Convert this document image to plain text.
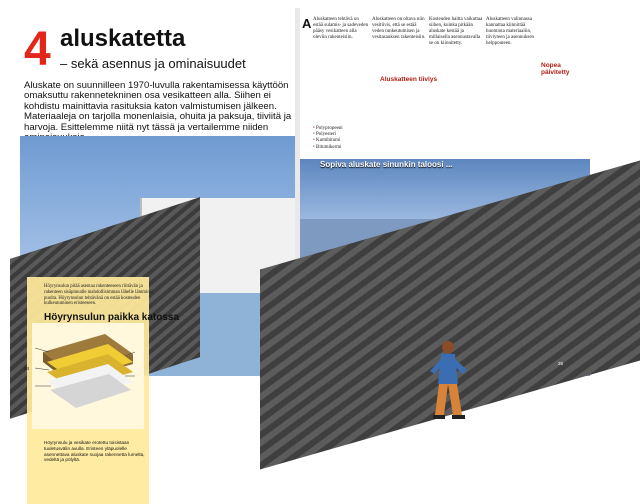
4 aluskatetta
– sekä asennus ja ominaisuudet
Aluskate on suunnilleen 1970-luvulla rakentamisessa käyttöön omaksuttu rakennetekninen osa vesikatteen alla. Siihen ei kohdistu mainittavia rasituksia katon valmistumisen jälkeen. Materiaaleja on tarjolla monenlaisia, ohuita ja paksuja, tiiviitä ja harvoja. Esittelemme niitä nyt tässä ja vertailemme niiden
Höyrynsulun pitää asentaa rakenteeseen riittävän ja rakenteen sisäpinnalle mahdollisimman lähelle lämmintä puolta. Höyrynsulun tehtävänä on estää kosteuden kulkeutuminen eristeeseen.
Höyrynsulun paikka katossa
Höyrynsulu ja vesikate erotettu toisistaan tuuletusvälin avulla. Eristeen yläpuolelle asennettava aluskate suojaa rakennetta lumelta, vedeltä ja pölyltä.
24
A Aluskatteen tehtävä on estää sulamis- ja sadeveden pääsy vesikatteen alla oleviin rakenteisiin.
Aluskatteen on oltava niin vesitiivis, että se estää veden tunkeutumisen ja vesitasauksen rakenteisiin.
Kosteuden haitta vaikuttaa siihen, kuinka pitkään aluskate kestää ja millaisella asennustavalla se on kiinnitetty.
Aluskatteen valinnassa kannattaa kiinnittää huomiota materiaaliin, tiiviyteen ja asennuksen helppouteen.
Aluskatteen tiiviys
Nopea päivitetty
• Polypropeeni
• Polyesteri
• Kumibitumi
• Bitumikermi
Sopiva aluskate sinunkin taloosi ...
25
